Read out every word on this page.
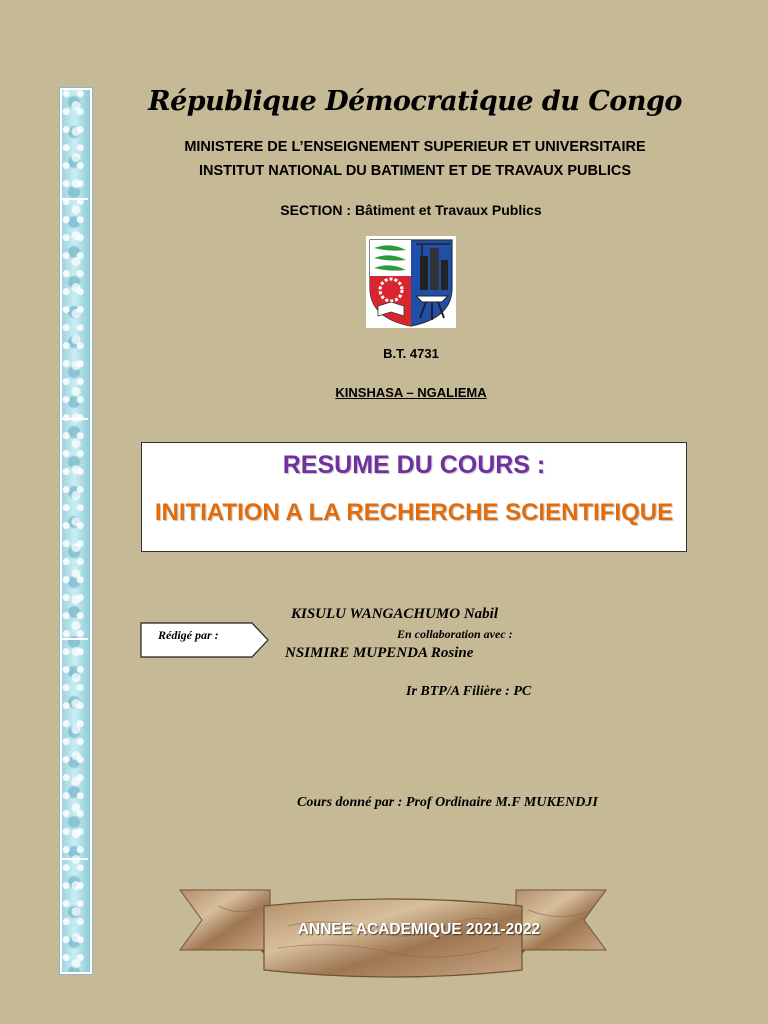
République Démocratique du Congo
MINISTERE DE L’ENSEIGNEMENT SUPERIEUR ET UNIVERSITAIRE
INSTITUT NATIONAL DU BATIMENT ET DE TRAVAUX PUBLICS
SECTION : Bâtiment et Travaux Publics
B.T. 4731
KINSHASA – NGALIEMA
RESUME DU COURS :
INITIATION A LA RECHERCHE SCIENTIFIQUE
Rédigé par :
KISULU WANGACHUMO Nabil
En collaboration avec :
NSIMIRE MUPENDA Rosine
Ir BTP/A Filière : PC
Cours donné par : Prof Ordinaire M.F MUKENDJI
ANNEE ACADEMIQUE 2021-2022
